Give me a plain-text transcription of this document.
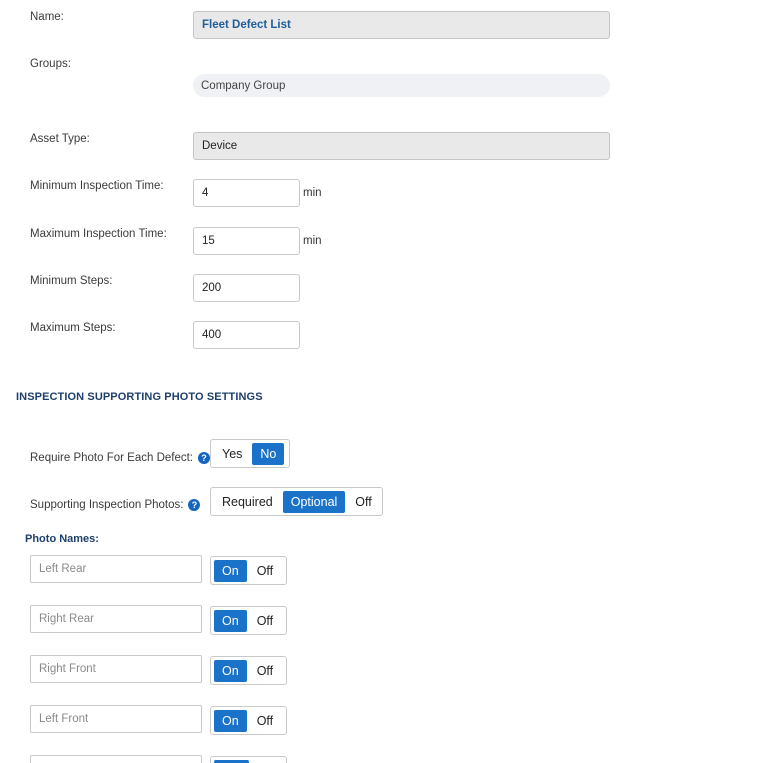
Name:
Fleet Defect List
Groups:
Company Group
Asset Type:
Device
Minimum Inspection Time:
4	min
Maximum Inspection Time:
15	min
Minimum Steps:
200
Maximum Steps:
400
INSPECTION SUPPORTING PHOTO SETTINGS
Require Photo For Each Defect: ?	Yes	No
Supporting Inspection Photos: ?	Required	Optional	Off
Photo Names:
Left Rear	On	Off
Right Rear	On	Off
Right Front	On	Off
Left Front	On	Off
